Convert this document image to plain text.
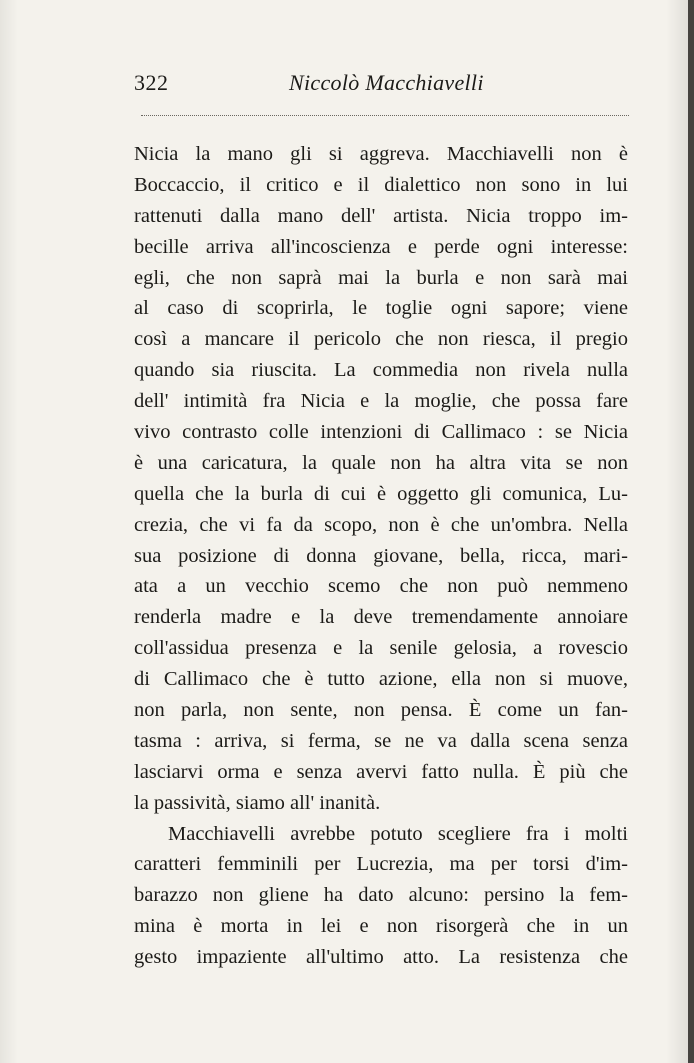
322	Niccolò Macchiavelli
Nicia la mano gli si aggreva. Macchiavelli non è
Boccaccio, il critico e il dialettico non sono in lui
rattenuti dalla mano dell' artista. Nicia troppo im-
becille arriva all'incoscienza e perde ogni interesse:
egli, che non saprà mai la burla e non sarà mai
al caso di scoprirla, le toglie ogni sapore; viene
così a mancare il pericolo che non riesca, il pregio
quando sia riuscita. La commedia non rivela nulla
dell' intimità fra Nicia e la moglie, che possa fare
vivo contrasto colle intenzioni di Callimaco : se Nicia
è una caricatura, la quale non ha altra vita se non
quella che la burla di cui è oggetto gli comunica, Lu-
crezia, che vi fa da scopo, non è che un'ombra. Nella
sua posizione di donna giovane, bella, ricca, mari-
ata a un vecchio scemo che non può nemmeno
renderla madre e la deve tremendamente annoiare
coll'assidua presenza e la senile gelosia, a rovescio
di Callimaco che è tutto azione, ella non si muove,
non parla, non sente, non pensa. È come un fan-
tasma : arriva, si ferma, se ne va dalla scena senza
lasciarvi orma e senza avervi fatto nulla. È più che
la passività, siamo all' inanità.
Macchiavelli avrebbe potuto scegliere fra i molti
caratteri femminili per Lucrezia, ma per torsi d'im-
barazzo non gliene ha dato alcuno: persino la fem-
mina è morta in lei e non risorgerà che in un
gesto impaziente all'ultimo atto. La resistenza che
